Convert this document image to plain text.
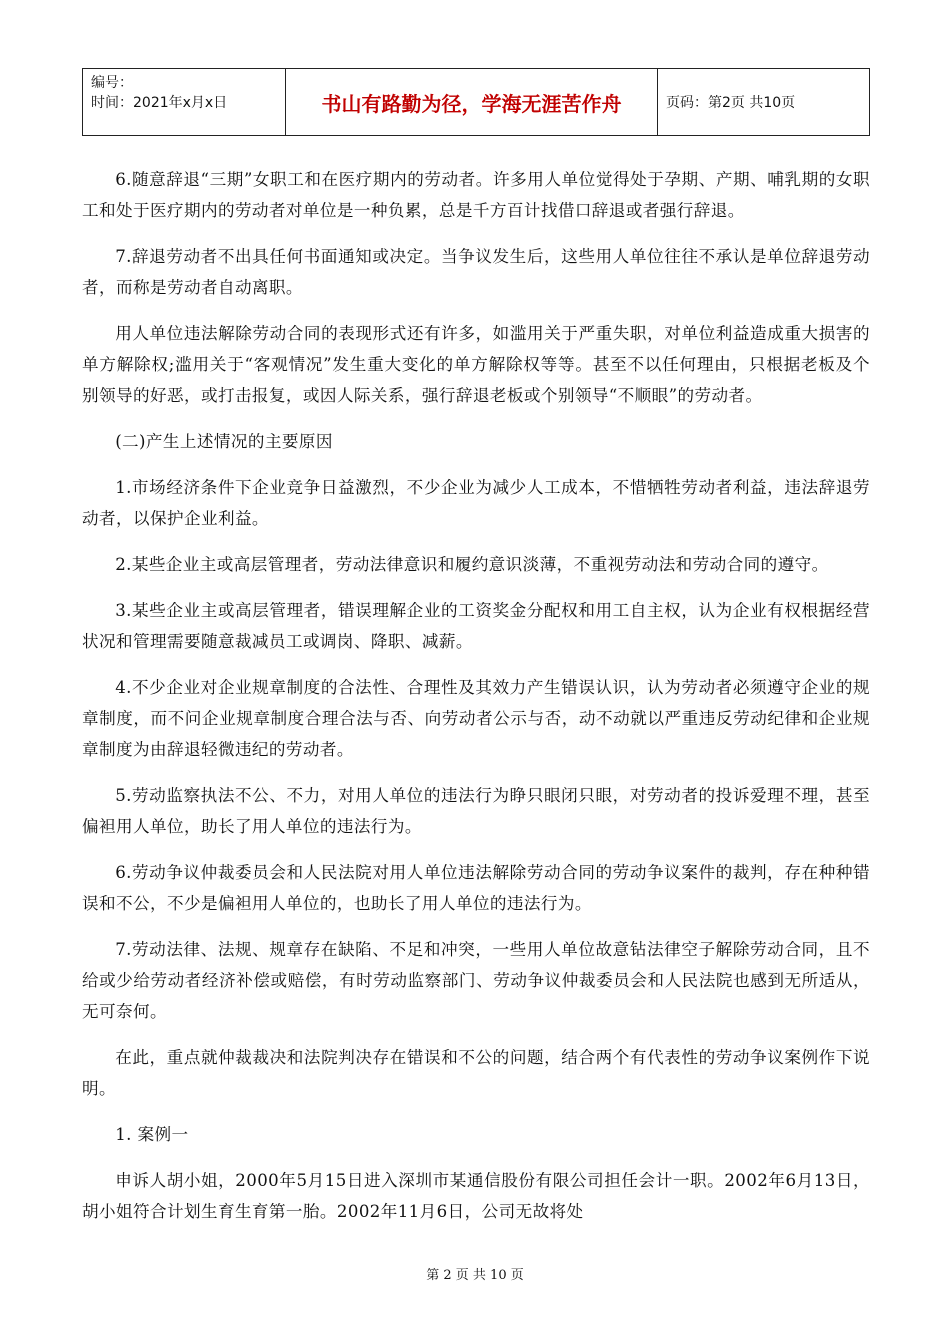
编号：
时间：2021年x月x日	书山有路勤为径，学海无涯苦作舟	页码：第2页 共10页

6.随意辞退“三期”女职工和在医疗期内的劳动者。许多用人单位觉得处于孕期、产期、哺乳期的女职工和处于医疗期内的劳动者对单位是一种负累，总是千方百计找借口辞退或者强行辞退。

7.辞退劳动者不出具任何书面通知或决定。当争议发生后，这些用人单位往往不承认是单位辞退劳动者，而称是劳动者自动离职。

用人单位违法解除劳动合同的表现形式还有许多，如滥用关于严重失职，对单位利益造成重大损害的单方解除权;滥用关于“客观情况”发生重大变化的单方解除权等等。甚至不以任何理由，只根据老板及个别领导的好恶，或打击报复，或因人际关系，强行辞退老板或个别领导“不顺眼”的劳动者。

(二)产生上述情况的主要原因

1.市场经济条件下企业竞争日益激烈，不少企业为减少人工成本，不惜牺牲劳动者利益，违法辞退劳动者，以保护企业利益。

2.某些企业主或高层管理者，劳动法律意识和履约意识淡薄，不重视劳动法和劳动合同的遵守。

3.某些企业主或高层管理者，错误理解企业的工资奖金分配权和用工自主权，认为企业有权根据经营状况和管理需要随意裁减员工或调岗、降职、减薪。

4.不少企业对企业规章制度的合法性、合理性及其效力产生错误认识，认为劳动者必须遵守企业的规章制度，而不问企业规章制度合理合法与否、向劳动者公示与否，动不动就以严重违反劳动纪律和企业规章制度为由辞退轻微违纪的劳动者。

5.劳动监察执法不公、不力，对用人单位的违法行为睁只眼闭只眼，对劳动者的投诉爱理不理，甚至偏袒用人单位，助长了用人单位的违法行为。

6.劳动争议仲裁委员会和人民法院对用人单位违法解除劳动合同的劳动争议案件的裁判，存在种种错误和不公，不少是偏袒用人单位的，也助长了用人单位的违法行为。

7.劳动法律、法规、规章存在缺陷、不足和冲突，一些用人单位故意钻法律空子解除劳动合同，且不给或少给劳动者经济补偿或赔偿，有时劳动监察部门、劳动争议仲裁委员会和人民法院也感到无所适从，无可奈何。

在此，重点就仲裁裁决和法院判决存在错误和不公的问题，结合两个有代表性的劳动争议案例作下说明。

1. 案例一

申诉人胡小姐，2000年5月15日进入深圳市某通信股份有限公司担任会计一职。2002年6月13日，胡小姐符合计划生育生育第一胎。2002年11月6日，公司无故将处

第 2 页 共 10 页
